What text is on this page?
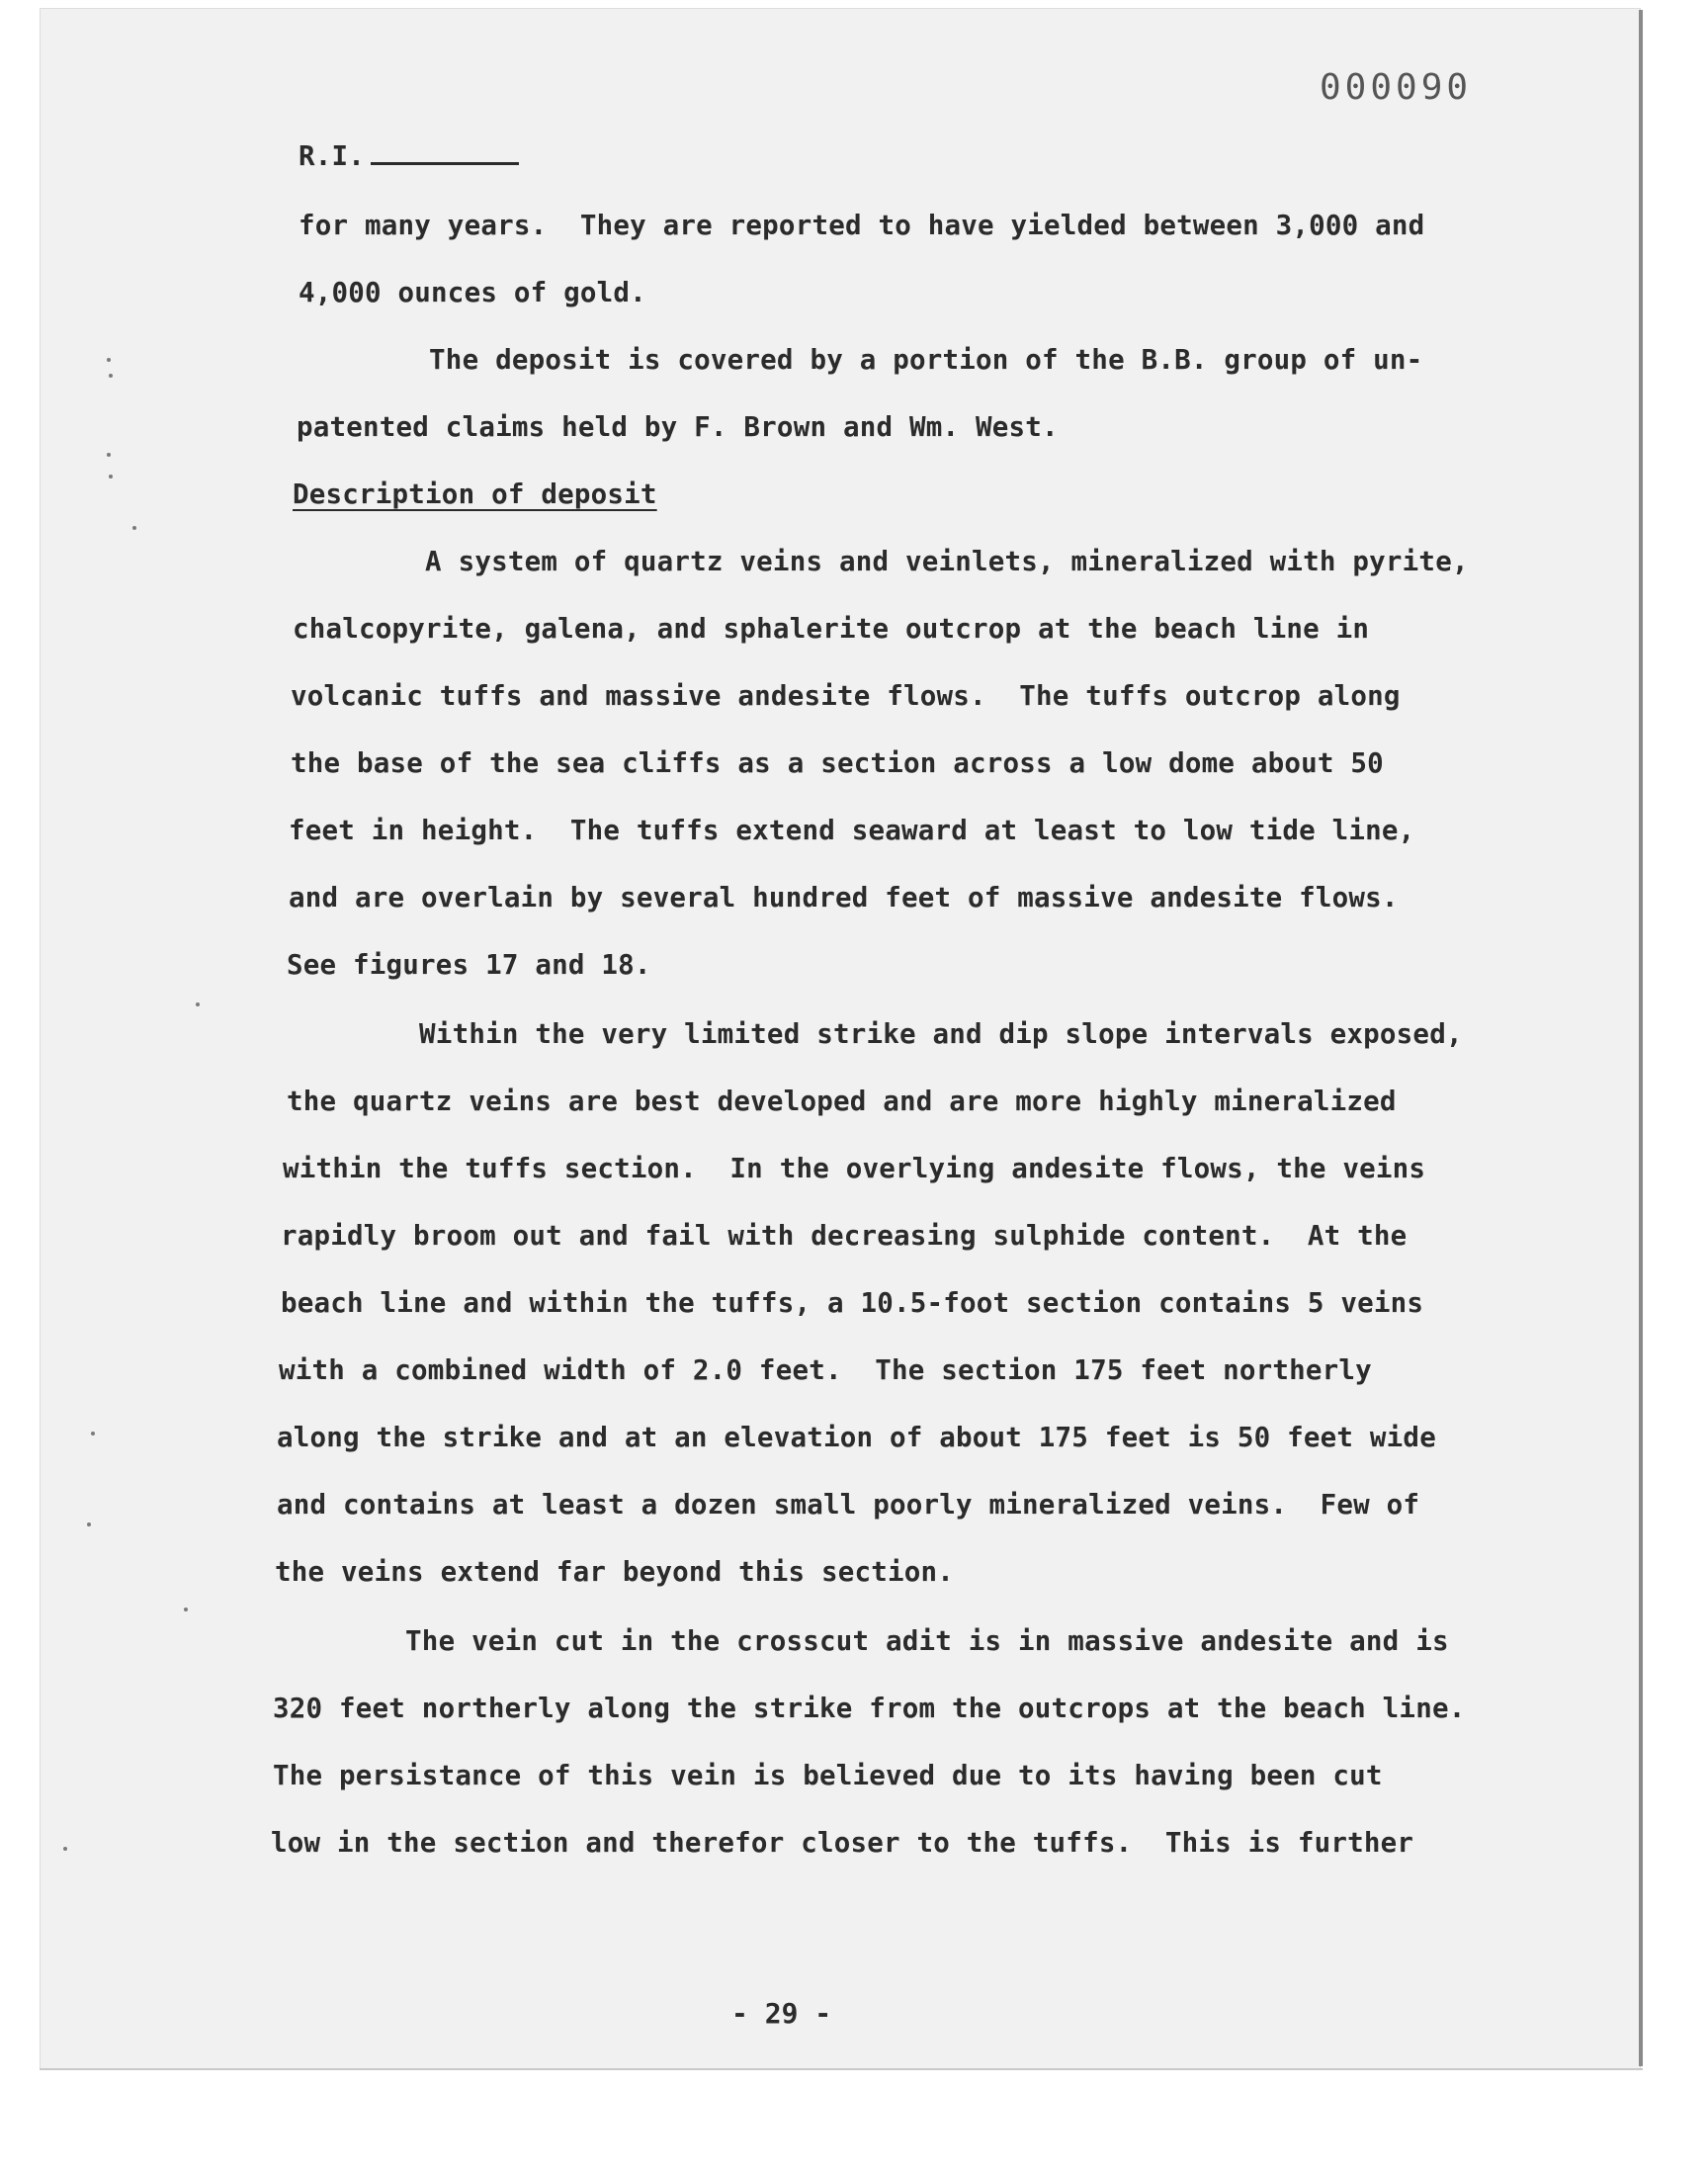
000090
R.I.
for many years.  They are reported to have yielded between 3,000 and
4,000 ounces of gold.
The deposit is covered by a portion of the B.B. group of un-
patented claims held by F. Brown and Wm. West.
Description of deposit
A system of quartz veins and veinlets, mineralized with pyrite,
chalcopyrite, galena, and sphalerite outcrop at the beach line in
volcanic tuffs and massive andesite flows.  The tuffs outcrop along
the base of the sea cliffs as a section across a low dome about 50
feet in height.  The tuffs extend seaward at least to low tide line,
and are overlain by several hundred feet of massive andesite flows.
See figures 17 and 18.
Within the very limited strike and dip slope intervals exposed,
the quartz veins are best developed and are more highly mineralized
within the tuffs section.  In the overlying andesite flows, the veins
rapidly broom out and fail with decreasing sulphide content.  At the
beach line and within the tuffs, a 10.5-foot section contains 5 veins
with a combined width of 2.0 feet.  The section 175 feet northerly
along the strike and at an elevation of about 175 feet is 50 feet wide
and contains at least a dozen small poorly mineralized veins.  Few of
the veins extend far beyond this section.
The vein cut in the crosscut adit is in massive andesite and is
320 feet northerly along the strike from the outcrops at the beach line.
The persistance of this vein is believed due to its having been cut
low in the section and therefor closer to the tuffs.  This is further
- 29 -
